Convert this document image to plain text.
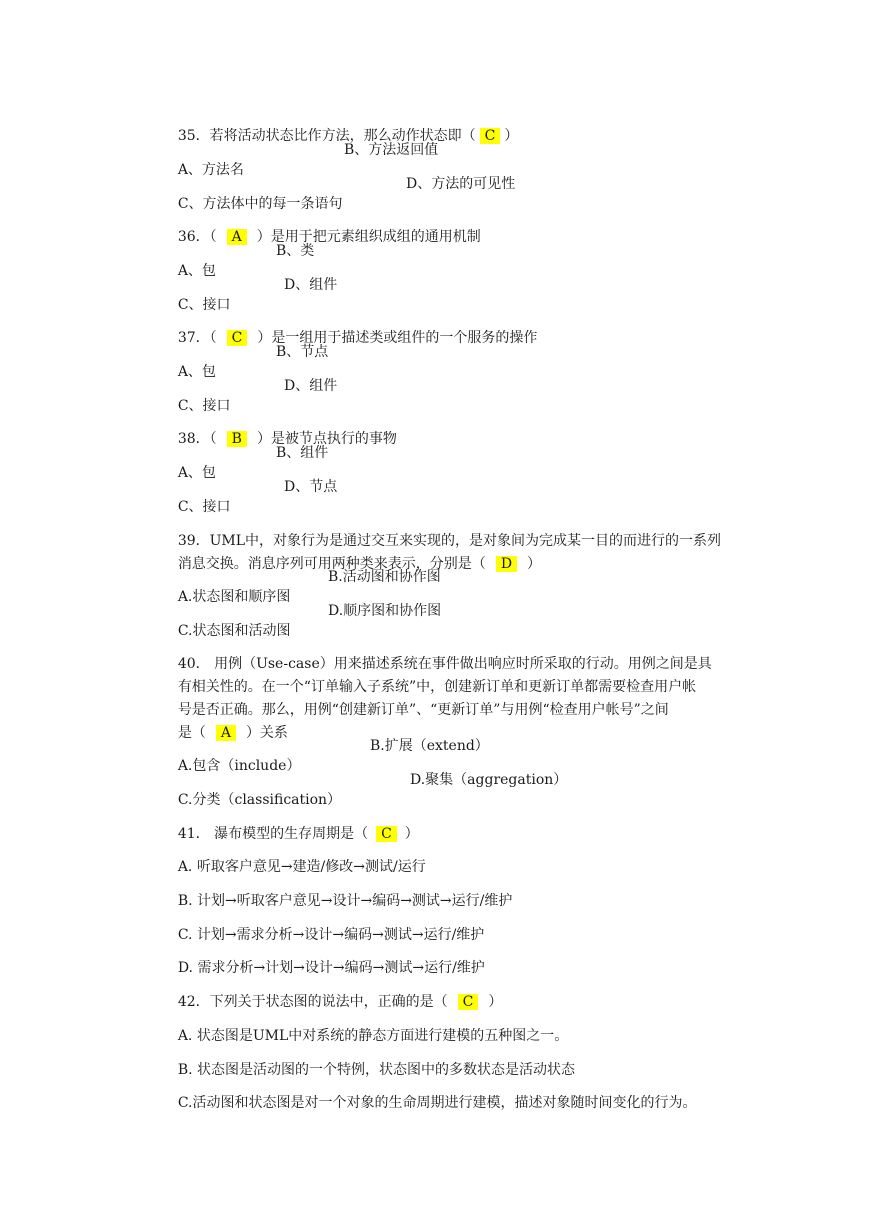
35．若将活动状态比作方法，那么动作状态即（ C ）

A、方法名

B、方法返回值

C、方法体中的每一条语句

D、方法的可见性

36．（ A ）是用于把元素组织成组的通用机制

A、包

B、类

C、接口

D、组件

37．（ C ）是一组用于描述类或组件的一个服务的操作

A、包

B、节点

C、接口

D、组件

38．（ B ）是被节点执行的事物

A、包

B、组件

C、接口

D、节点

39．UML中，对象行为是通过交互来实现的，是对象间为完成某一目的而进行的一系列

消息交换。消息序列可用两种类来表示，分别是（ D ）

A.状态图和顺序图

B.活动图和协作图

C.状态图和活动图

D.顺序图和协作图

40． 用例（Use-case）用来描述系统在事件做出响应时所采取的行动。用例之间是具

有相关性的。在一个“订单输入子系统”中，创建新订单和更新订单都需要检查用户帐

号是否正确。那么，用例“创建新订单”、“更新订单”与用例“检查用户帐号”之间

是（ A ）关系

A.包含（include）

B.扩展（extend）

C.分类（classification）

D.聚集（aggregation）

41． 瀑布模型的生存周期是（ C ）

A. 听取客户意见→建造/修改→测试/运行

B. 计划→听取客户意见→设计→编码→测试→运行/维护

C. 计划→需求分析→设计→编码→测试→运行/维护

D. 需求分析→计划→设计→编码→测试→运行/维护

42．下列关于状态图的说法中，正确的是（ C ）

A. 状态图是UML中对系统的静态方面进行建模的五种图之一。

B. 状态图是活动图的一个特例，状态图中的多数状态是活动状态

C.活动图和状态图是对一个对象的生命周期进行建模，描述对象随时间变化的行为。
